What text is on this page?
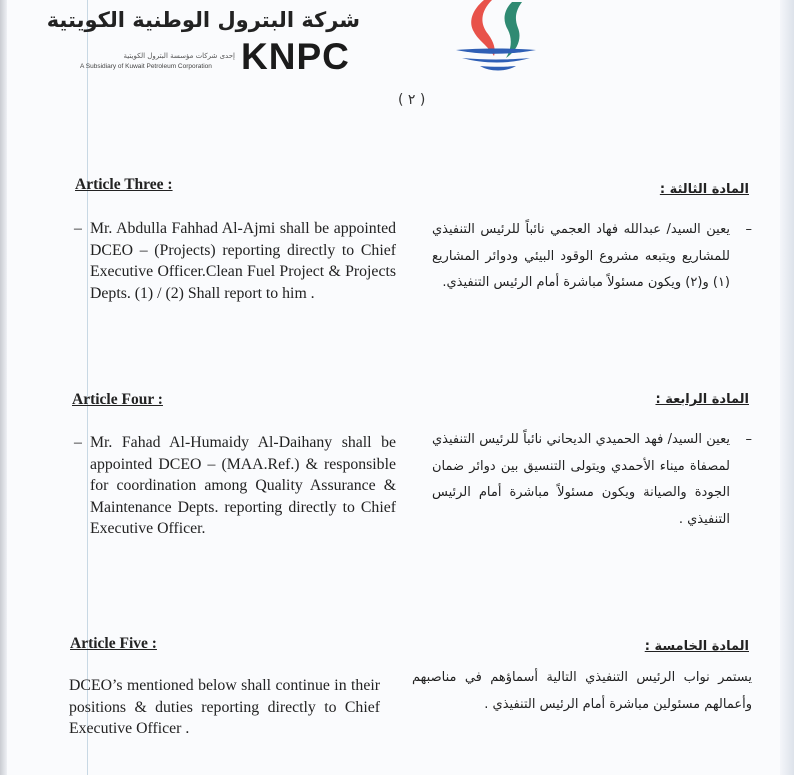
شركة البترول الوطنية الكويتية
KNPC
إحدى شركات مؤسسة البترول الكويتية
A Subsidiary of Kuwait Petroleum Corporation
( ٢ )
Article Three :	المادة الثالثة :
– Mr. Abdulla Fahhad Al-Ajmi shall be appointed DCEO – (Projects) reporting directly to Chief Executive Officer.Clean Fuel Project & Projects Depts. (1) / (2) Shall report to him .
– يعين السيد/ عبدالله فهاد العجمي نائباً للرئيس التنفيذي للمشاريع ويتبعه مشروع الوقود البيئي ودوائر المشاريع (١) و(٢) ويكون مسئولاً مباشرة أمام الرئيس التنفيذي.
Article Four :	المادة الرابعة :
– Mr. Fahad Al-Humaidy Al-Daihany shall be appointed DCEO – (MAA.Ref.) & responsible for coordination among Quality Assurance & Maintenance Depts. reporting directly to Chief Executive Officer.
– يعين السيد/ فهد الحميدي الديحاني نائباً للرئيس التنفيذي لمصفاة ميناء الأحمدي ويتولى التنسيق بين دوائر ضمان الجودة والصيانة ويكون مسئولاً مباشرة أمام الرئيس التنفيذي .
Article Five :	المادة الخامسة :
DCEO’s mentioned below shall continue in their positions & duties reporting directly to Chief Executive Officer .
يستمر نواب الرئيس التنفيذي التالية أسماؤهم في مناصبهم وأعمالهم مسئولين مباشرة أمام الرئيس التنفيذي .
